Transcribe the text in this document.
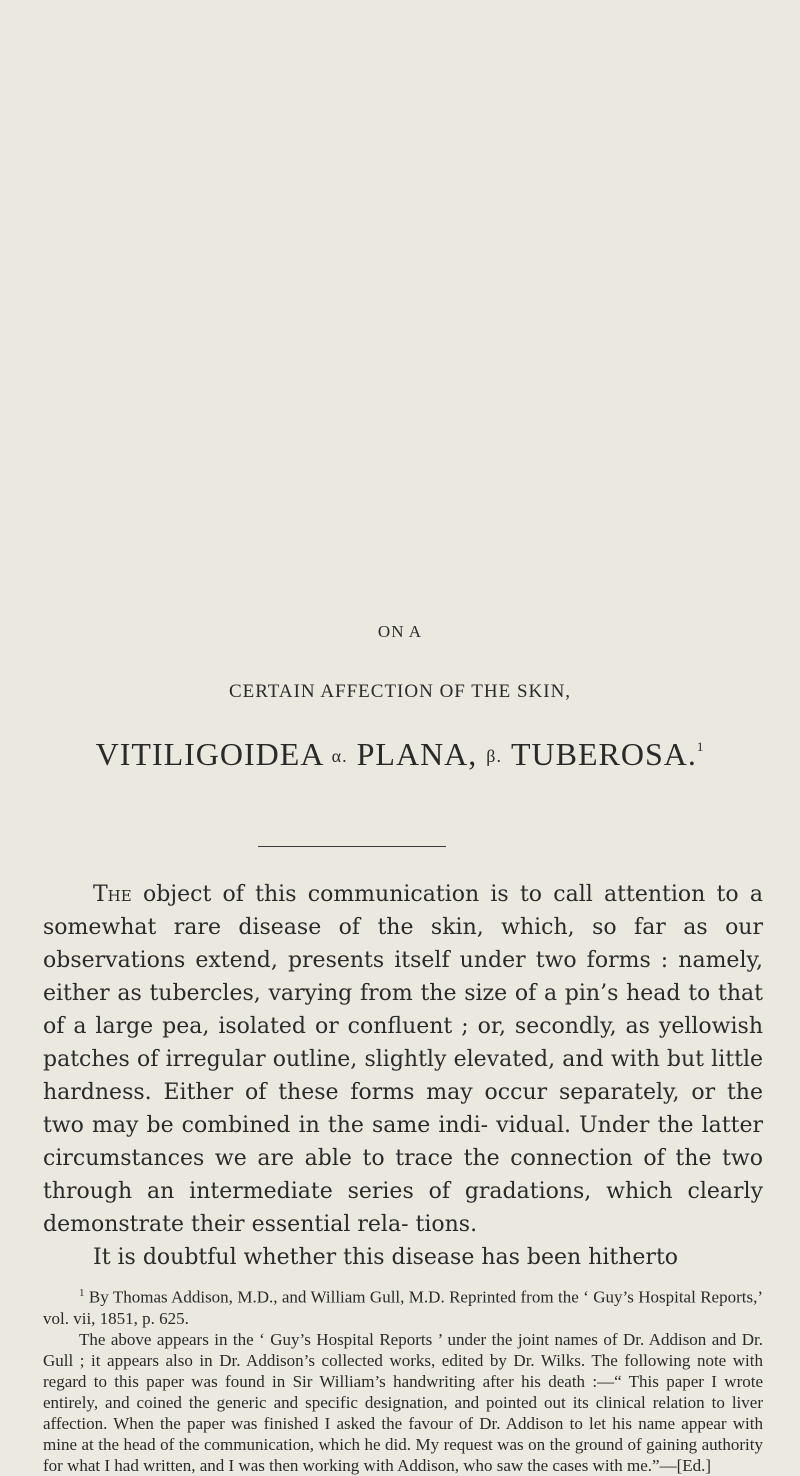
ON A
CERTAIN AFFECTION OF THE SKIN,
VITILIGOIDEA α. PLANA, β. TUBEROSA.$^1$

The object of this communication is to call attention to a somewhat rare disease of the skin, which, so far as our observations extend, presents itself under two forms : namely, either as tubercles, varying from the size of a pin’s head to that of a large pea, isolated or confluent ; or, secondly, as yellowish patches of irregular outline, slightly elevated, and with but little hardness. Either of these forms may occur separately, or the two may be combined in the same indi- vidual. Under the latter circumstances we are able to trace the connection of the two through an intermediate series of gradations, which clearly demonstrate their essential rela- tions.

It is doubtful whether this disease has been hitherto

$^1$ By Thomas Addison, M.D., and William Gull, M.D. Reprinted from the ‘ Guy’s Hospital Reports,’ vol. vii, 1851, p. 625.

The above appears in the ‘ Guy’s Hospital Reports ’ under the joint names of Dr. Addison and Dr. Gull ; it appears also in Dr. Addison’s collected works, edited by Dr. Wilks. The following note with regard to this paper was found in Sir William’s handwriting after his death :—“ This paper I wrote entirely, and coined the generic and specific designation, and pointed out its clinical relation to liver affection. When the paper was finished I asked the favour of Dr. Addison to let his name appear with mine at the head of the communication, which he did. My request was on the ground of gaining authority for what I had written, and I was then working with Addison, who saw the cases with me.”—[Ed.]
